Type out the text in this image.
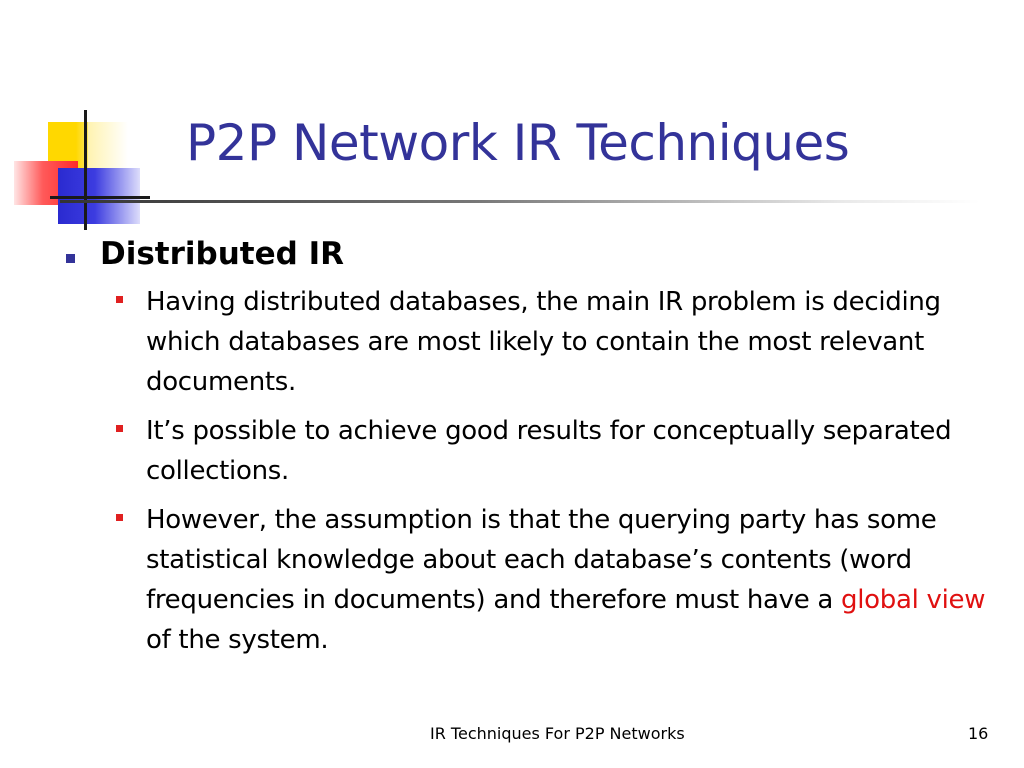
P2P Network IR Techniques
Distributed IR
Having distributed databases, the main IR problem is deciding which databases are most likely to contain the most relevant documents.
It’s possible to achieve good results for conceptually separated collections.
However, the assumption is that the querying party has some statistical knowledge about each database’s contents (word frequencies in documents) and therefore must have a global view of the system.
IR Techniques For P2P Networks	16
